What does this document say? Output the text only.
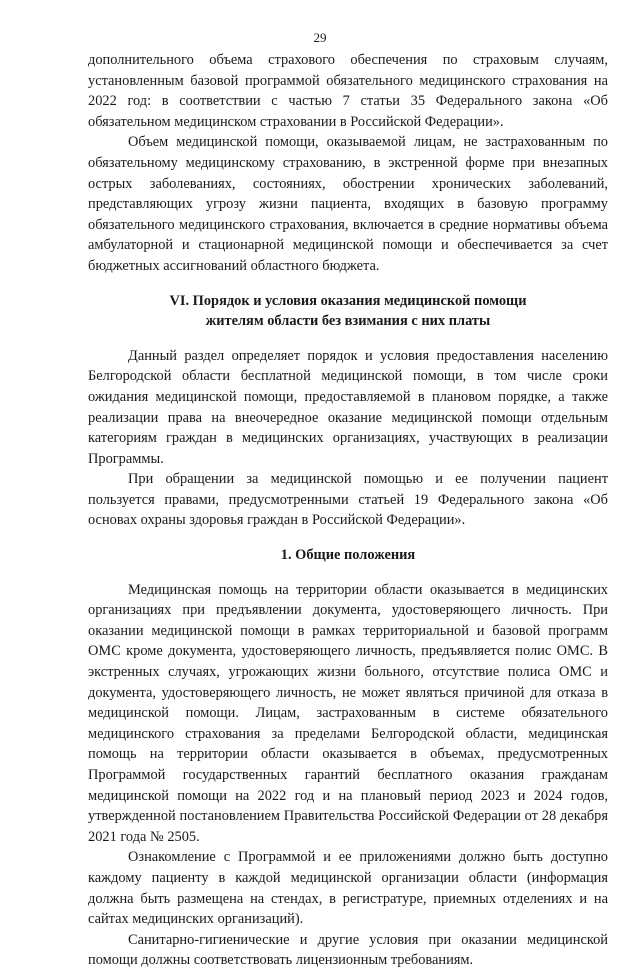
29

дополнительного объема страхового обеспечения по страховым случаям, установленным базовой программой обязательного медицинского страхования на 2022 год: в соответствии с частью 7 статьи 35 Федерального закона «Об обязательном медицинском страховании в Российской Федерации».

Объем медицинской помощи, оказываемой лицам, не застрахованным по обязательному медицинскому страхованию, в экстренной форме при внезапных острых заболеваниях, состояниях, обострении хронических заболеваний, представляющих угрозу жизни пациента, входящих в базовую программу обязательного медицинского страхования, включается в средние нормативы объема амбулаторной и стационарной медицинской помощи и обеспечивается за счет бюджетных ассигнований областного бюджета.

VI. Порядок и условия оказания медицинской помощи

жителям области без взимания с них платы

Данный раздел определяет порядок и условия предоставления населению Белгородской области бесплатной медицинской помощи, в том числе сроки ожидания медицинской помощи, предоставляемой в плановом порядке, а также реализации права на внеочередное оказание медицинской помощи отдельным категориям граждан в медицинских организациях, участвующих в реализации Программы.

При обращении за медицинской помощью и ее получении пациент пользуется правами, предусмотренными статьей 19 Федерального закона «Об основах охраны здоровья граждан в Российской Федерации».

1. Общие положения

Медицинская помощь на территории области оказывается в медицинских организациях при предъявлении документа, удостоверяющего личность. При оказании медицинской помощи в рамках территориальной и базовой программ ОМС кроме документа, удостоверяющего личность, предъявляется полис ОМС. В экстренных случаях, угрожающих жизни больного, отсутствие полиса ОМС и документа, удостоверяющего личность, не может являться причиной для отказа в медицинской помощи. Лицам, застрахованным в системе обязательного медицинского страхования за пределами Белгородской области, медицинская помощь на территории области оказывается в объемах, предусмотренных Программой государственных гарантий бесплатного оказания гражданам медицинской помощи на 2022 год и на плановый период 2023 и 2024 годов, утвержденной постановлением Правительства Российской Федерации от 28 декабря 2021 года № 2505.

Ознакомление с Программой и ее приложениями должно быть доступно каждому пациенту в каждой медицинской организации области (информация должна быть размещена на стендах, в регистратуре, приемных отделениях и на сайтах медицинских организаций).

Санитарно-гигиенические и другие условия при оказании медицинской помощи должны соответствовать лицензионным требованиям.
